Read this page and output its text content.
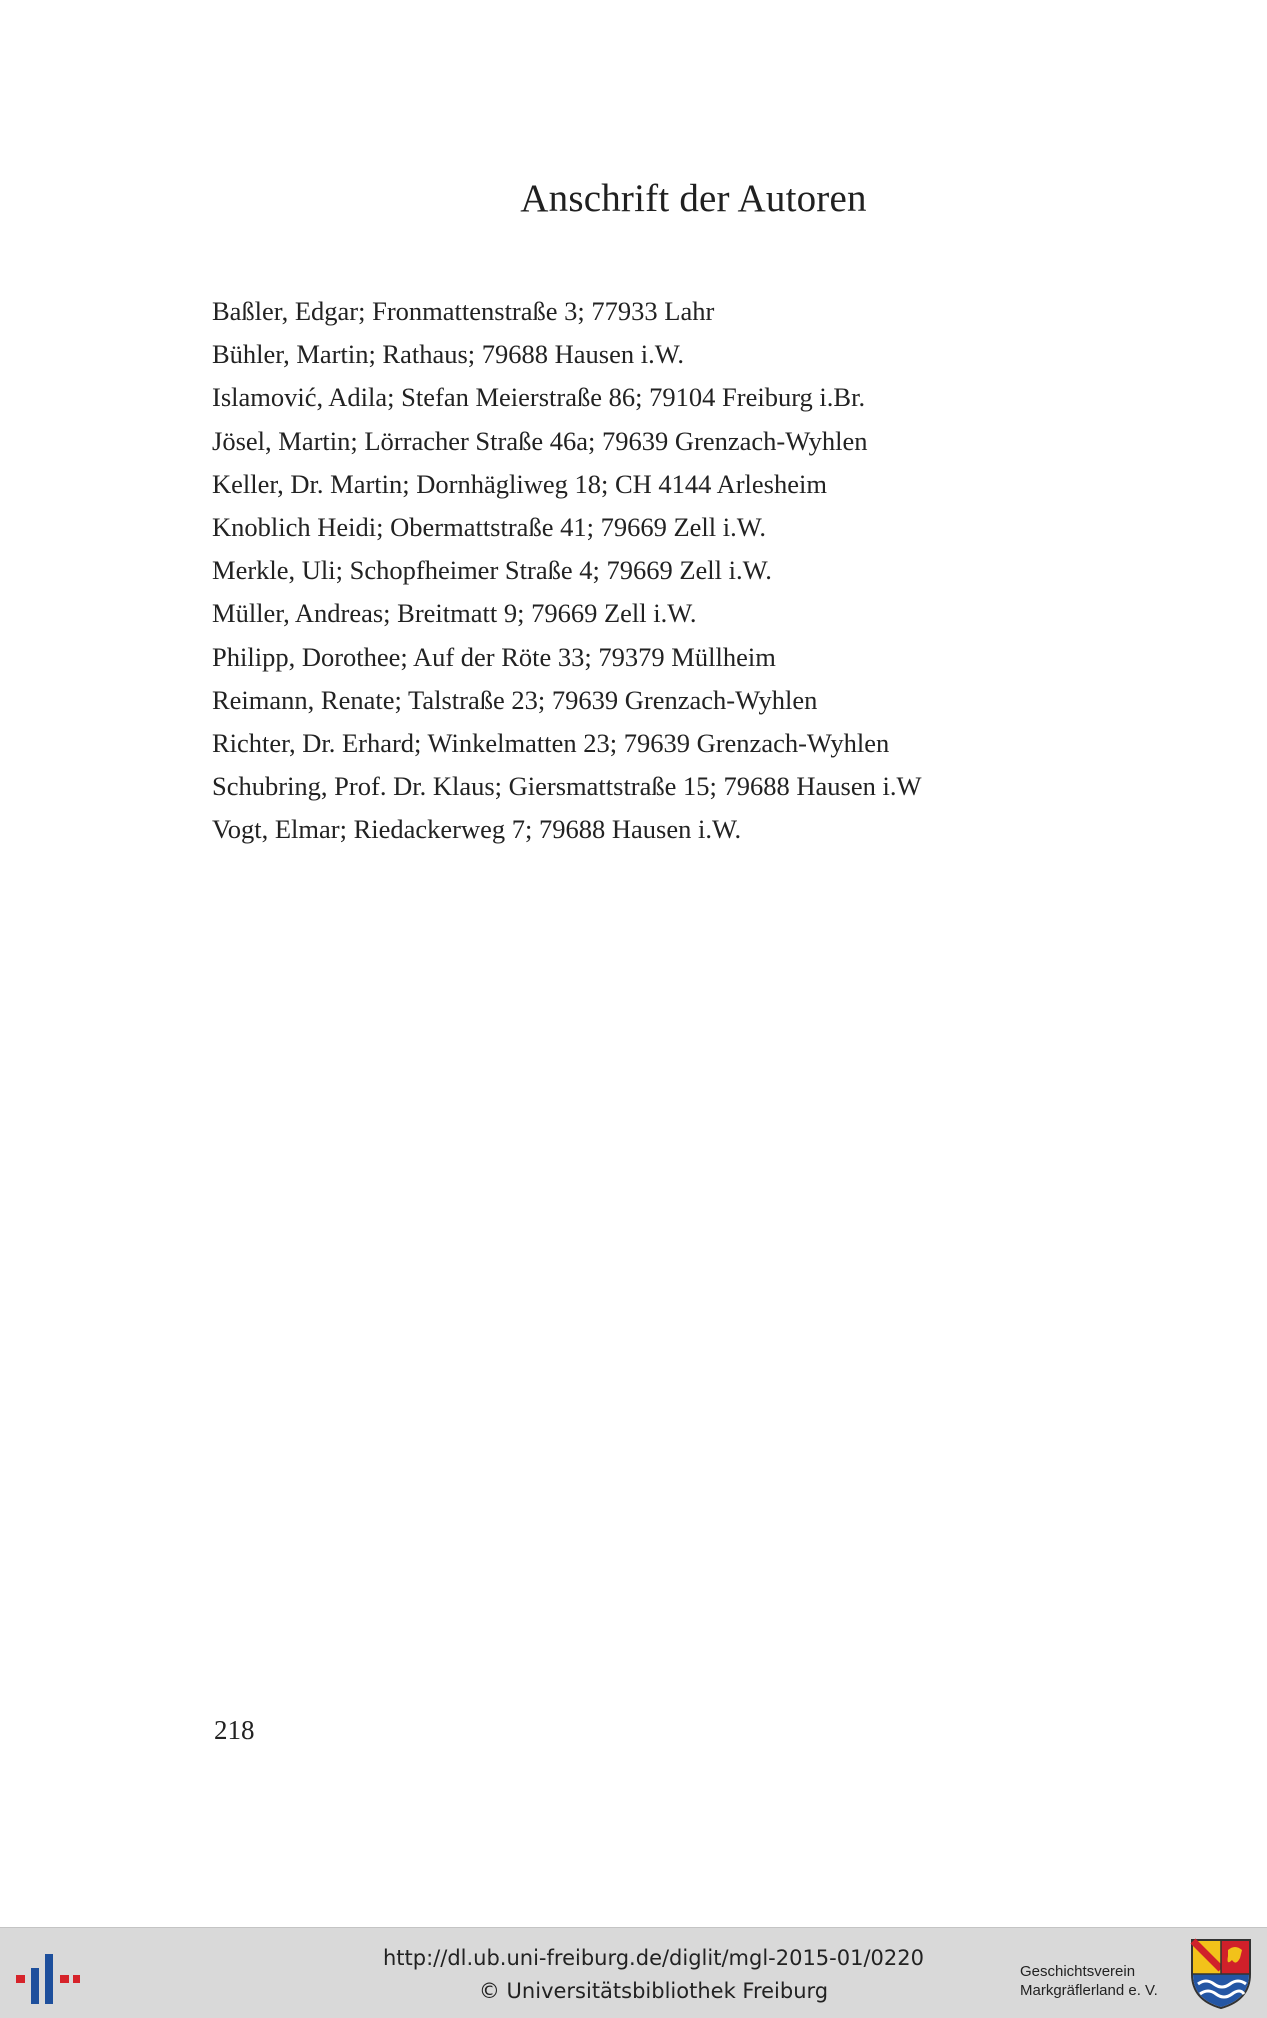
Anschrift der Autoren
Baßler, Edgar; Fronmattenstraße 3; 77933 Lahr
Bühler, Martin; Rathaus; 79688 Hausen i.W.
Islamović, Adila; Stefan Meierstraße 86; 79104 Freiburg i.Br.
Jösel, Martin; Lörracher Straße 46a; 79639 Grenzach-Wyhlen
Keller, Dr. Martin; Dornhägliweg 18; CH 4144 Arlesheim
Knoblich Heidi; Obermattstraße 41; 79669 Zell i.W.
Merkle, Uli; Schopfheimer Straße 4; 79669 Zell i.W.
Müller, Andreas; Breitmatt 9; 79669 Zell i.W.
Philipp, Dorothee; Auf der Röte 33; 79379 Müllheim
Reimann, Renate; Talstraße 23; 79639 Grenzach-Wyhlen
Richter, Dr. Erhard; Winkelmatten 23; 79639 Grenzach-Wyhlen
Schubring, Prof. Dr. Klaus; Giersmattstraße 15; 79688 Hausen i.W
Vogt, Elmar; Riedackerweg 7; 79688 Hausen i.W.
218
http://dl.ub.uni-freiburg.de/diglit/mgl-2015-01/0220
© Universitätsbibliothek Freiburg
Geschichtsverein
Markgräflerland e. V.
